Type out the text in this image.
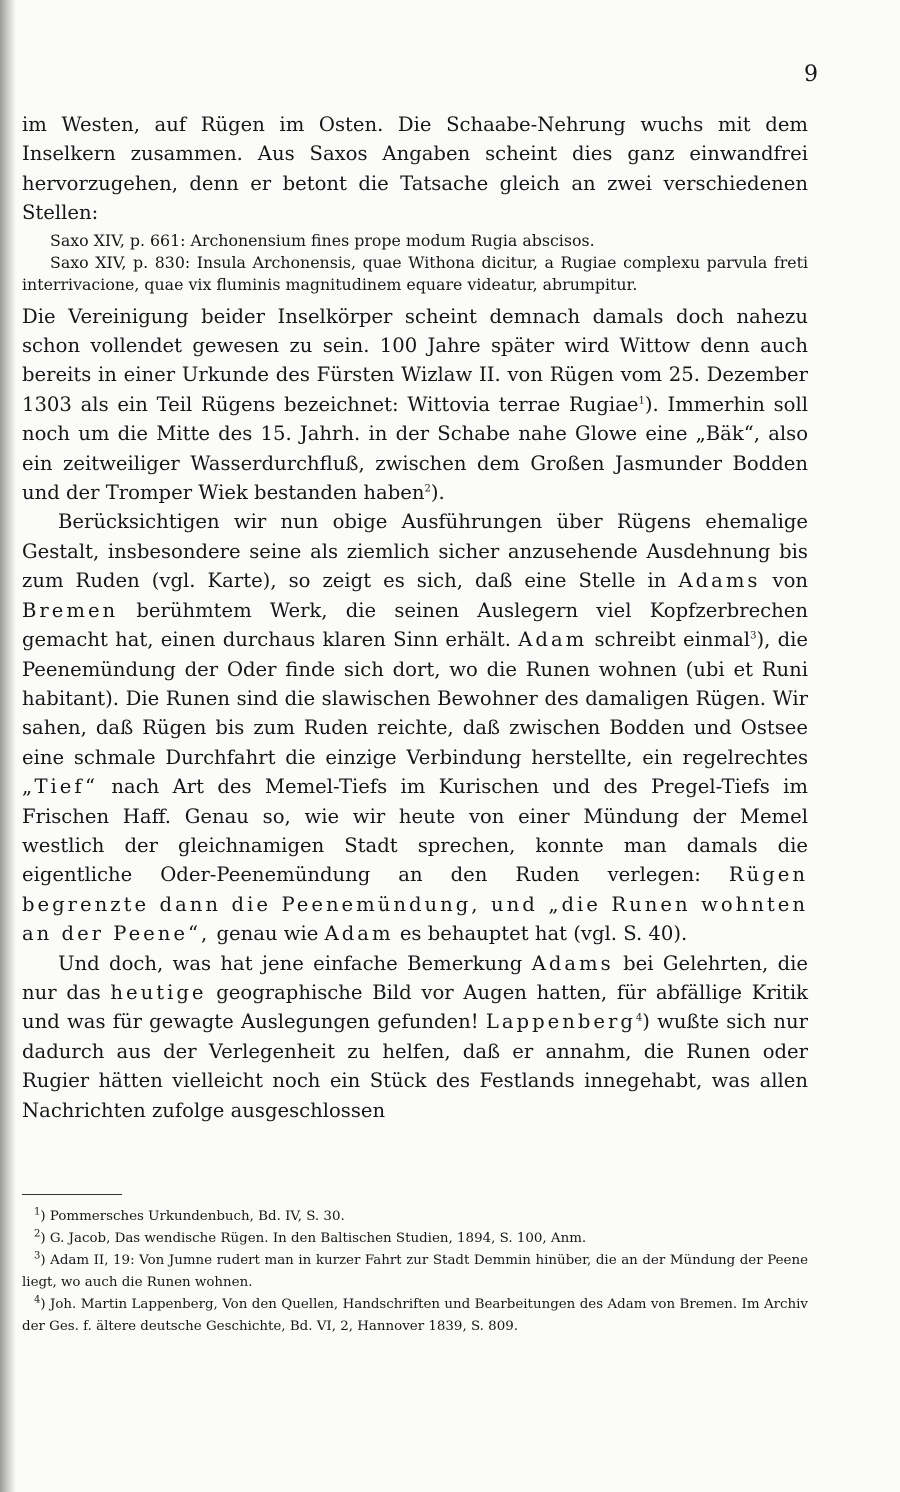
9

im Westen, auf Rügen im Osten. Die Schaabe-Nehrung wuchs mit dem Inselkern zusammen. Aus Saxos Angaben scheint dies ganz einwandfrei hervorzugehen, denn er betont die Tatsache gleich an zwei verschiedenen Stellen:

Saxo XIV, p. 661: Archonensium fines prope modum Rugia abscisos.

Saxo XIV, p. 830: Insula Archonensis, quae Withona dicitur, a Rugiae complexu parvula freti interrivacione, quae vix fluminis magnitudinem equare videatur, abrumpitur.

Die Vereinigung beider Inselkörper scheint demnach damals doch nahezu schon vollendet gewesen zu sein. 100 Jahre später wird Wittow denn auch bereits in einer Urkunde des Fürsten Wizlaw II. von Rügen vom 25. Dezember 1303 als ein Teil Rügens bezeichnet: Wittovia terrae Rugiae$^1$). Immerhin soll noch um die Mitte des 15. Jahrh. in der Schabe nahe Glowe eine „Bäk“, also ein zeitweiliger Wasserdurchfluß, zwischen dem Großen Jasmunder Bodden und der Tromper Wiek bestanden haben$^2$).

Berücksichtigen wir nun obige Ausführungen über Rügens ehemalige Gestalt, insbesondere seine als ziemlich sicher anzusehende Ausdehnung bis zum Ruden (vgl. Karte), so zeigt es sich, daß eine Stelle in Adams von Bremen berühmtem Werk, die seinen Auslegern viel Kopfzerbrechen gemacht hat, einen durchaus klaren Sinn erhält. Adam schreibt einmal$^3$), die Peenemündung der Oder finde sich dort, wo die Runen wohnen (ubi et Runi habitant). Die Runen sind die slawischen Bewohner des damaligen Rügen. Wir sahen, daß Rügen bis zum Ruden reichte, daß zwischen Bodden und Ostsee eine schmale Durchfahrt die einzige Verbindung herstellte, ein regelrechtes „Tief“ nach Art des Memel-Tiefs im Kurischen und des Pregel-Tiefs im Frischen Haff. Genau so, wie wir heute von einer Mündung der Memel westlich der gleichnamigen Stadt sprechen, konnte man damals die eigentliche Oder-Peenemündung an den Ruden verlegen: Rügen begrenzte dann die Peenemündung, und „die Runen wohnten an der Peene“, genau wie Adam es behauptet hat (vgl. S. 40).

Und doch, was hat jene einfache Bemerkung Adams bei Gelehrten, die nur das heutige geographische Bild vor Augen hatten, für abfällige Kritik und was für gewagte Auslegungen gefunden! Lappenberg$^4$) wußte sich nur dadurch aus der Verlegenheit zu helfen, daß er annahm, die Runen oder Rugier hätten vielleicht noch ein Stück des Festlands innegehabt, was allen Nachrichten zufolge ausgeschlossen

$^1$) Pommersches Urkundenbuch, Bd. IV, S. 30.

$^2$) G. Jacob, Das wendische Rügen. In den Baltischen Studien, 1894, S. 100, Anm.

$^3$) Adam II, 19: Von Jumne rudert man in kurzer Fahrt zur Stadt Demmin hinüber, die an der Mündung der Peene liegt, wo auch die Runen wohnen.

$^4$) Joh. Martin Lappenberg, Von den Quellen, Handschriften und Bearbeitungen des Adam von Bremen. Im Archiv der Ges. f. ältere deutsche Geschichte, Bd. VI, 2, Hannover 1839, S. 809.
